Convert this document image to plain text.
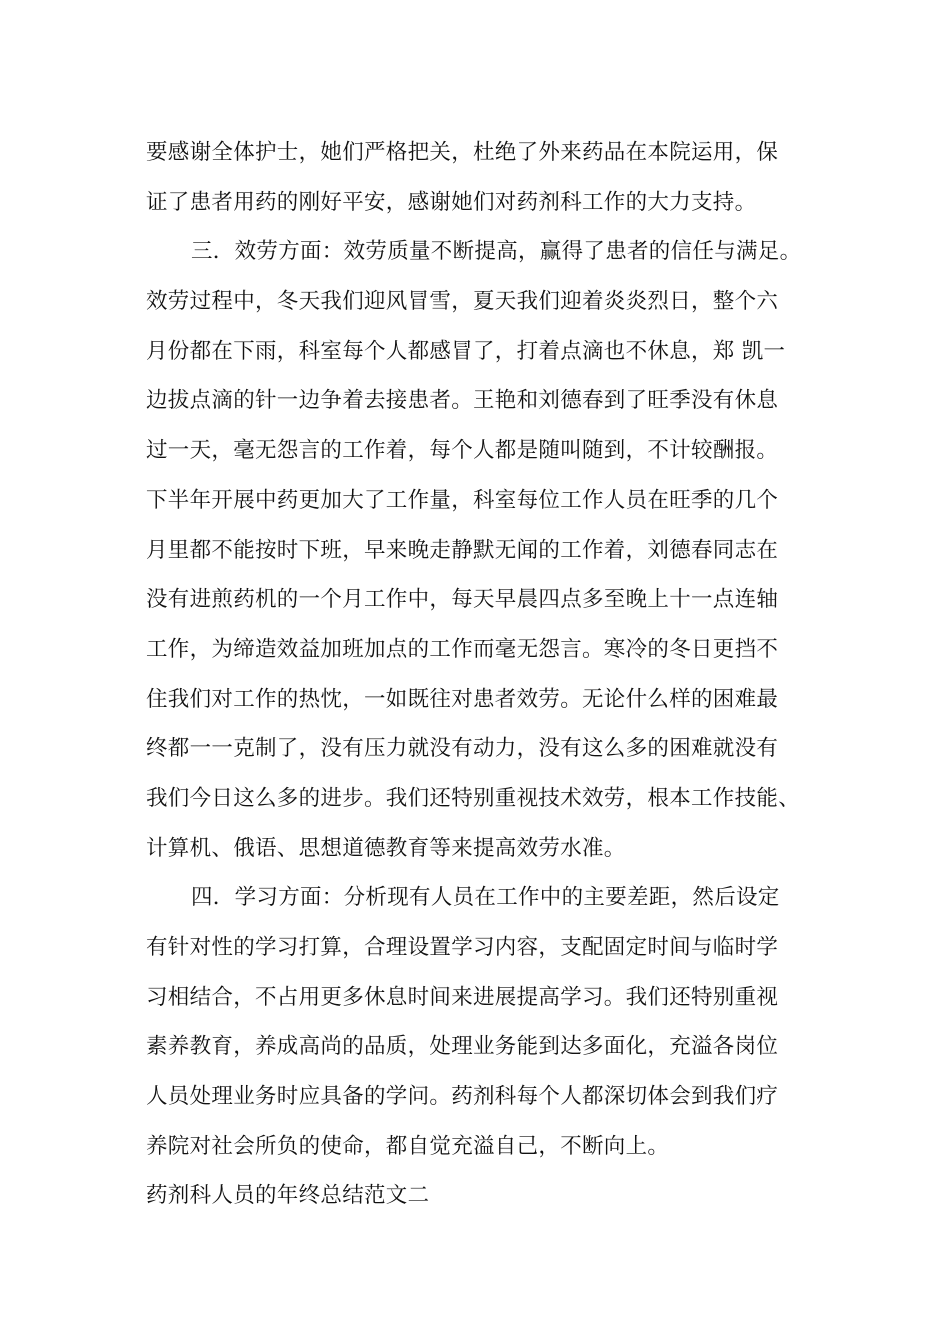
要感谢全体护士，她们严格把关，杜绝了外来药品在本院运用，保
证了患者用药的刚好平安，感谢她们对药剂科工作的大力支持。
三．效劳方面：效劳质量不断提高，赢得了患者的信任与满足。
效劳过程中，冬天我们迎风冒雪，夏天我们迎着炎炎烈日，整个六
月份都在下雨，科室每个人都感冒了，打着点滴也不休息，郑 凯一
边拔点滴的针一边争着去接患者。王艳和刘德春到了旺季没有休息
过一天，毫无怨言的工作着，每个人都是随叫随到，不计较酬报。
下半年开展中药更加大了工作量，科室每位工作人员在旺季的几个
月里都不能按时下班，早来晚走静默无闻的工作着，刘德春同志在
没有进煎药机的一个月工作中，每天早晨四点多至晚上十一点连轴
工作，为缔造效益加班加点的工作而毫无怨言。寒冷的冬日更挡不
住我们对工作的热忱，一如既往对患者效劳。无论什么样的困难最
终都一一克制了，没有压力就没有动力，没有这么多的困难就没有
我们今日这么多的进步。我们还特别重视技术效劳，根本工作技能、
计算机、俄语、思想道德教育等来提高效劳水准。
四．学习方面：分析现有人员在工作中的主要差距，然后设定
有针对性的学习打算，合理设置学习内容，支配固定时间与临时学
习相结合，不占用更多休息时间来进展提高学习。我们还特别重视
素养教育，养成高尚的品质，处理业务能到达多面化，充溢各岗位
人员处理业务时应具备的学问。药剂科每个人都深切体会到我们疗
养院对社会所负的使命，都自觉充溢自己，不断向上。
药剂科人员的年终总结范文二
